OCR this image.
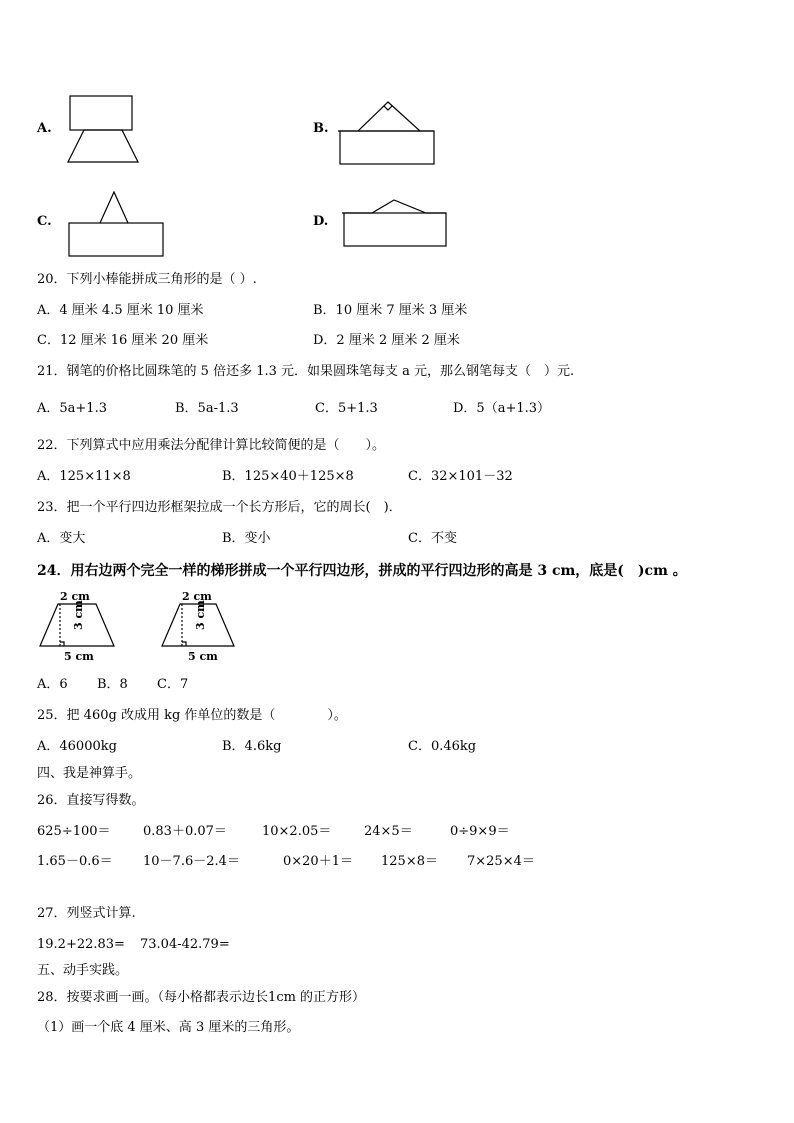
A.	B.
C.	D.
20．下列小棒能拼成三角形的是（ ）.
A．4 厘米 4.5 厘米 10 厘米	B．10 厘米 7 厘米 3 厘米
C．12 厘米 16 厘米 20 厘米	D．2 厘米 2 厘米 2 厘米
21．钢笔的价格比圆珠笔的 5 倍还多 1.3 元．如果圆珠笔每支 a 元，那么钢笔每支（　）元.
A．5a+1.3	B．5a-1.3	C．5+1.3	D．5（a+1.3）
22．下列算式中应用乘法分配律计算比较简便的是（　　）。
A．125×11×8	B．125×40＋125×8	C．32×101－32
23．把一个平行四边形框架拉成一个长方形后，它的周长(　)．
A．变大	B．变小	C．不变
24．用右边两个完全一样的梯形拼成一个平行四边形，拼成的平行四边形的高是 3 cm，底是(　)cm 。
2 cm
3 cm
5 cm
2 cm
3 cm
5 cm
A．6 B．8 C．7
25．把 460g 改成用 kg 作单位的数是（　　　　）。
A．46000kg	B．4.6kg	C．0.46kg
四、我是神算手。
26．直接写得数。
625÷100＝ 0.83＋0.07＝	10×2.05＝	24×5＝	0÷9×9＝
1.65－0.6＝ 10－7.6－2.4＝	0×20＋1＝ 125×8＝ 7×25×4＝
27．列竖式计算.
19.2+22.83= 73.04-42.79=
五、动手实践。
28．按要求画一画。（每小格都表示边长1cm 的正方形）
（1）画一个底 4 厘米、高 3 厘米的三角形。
